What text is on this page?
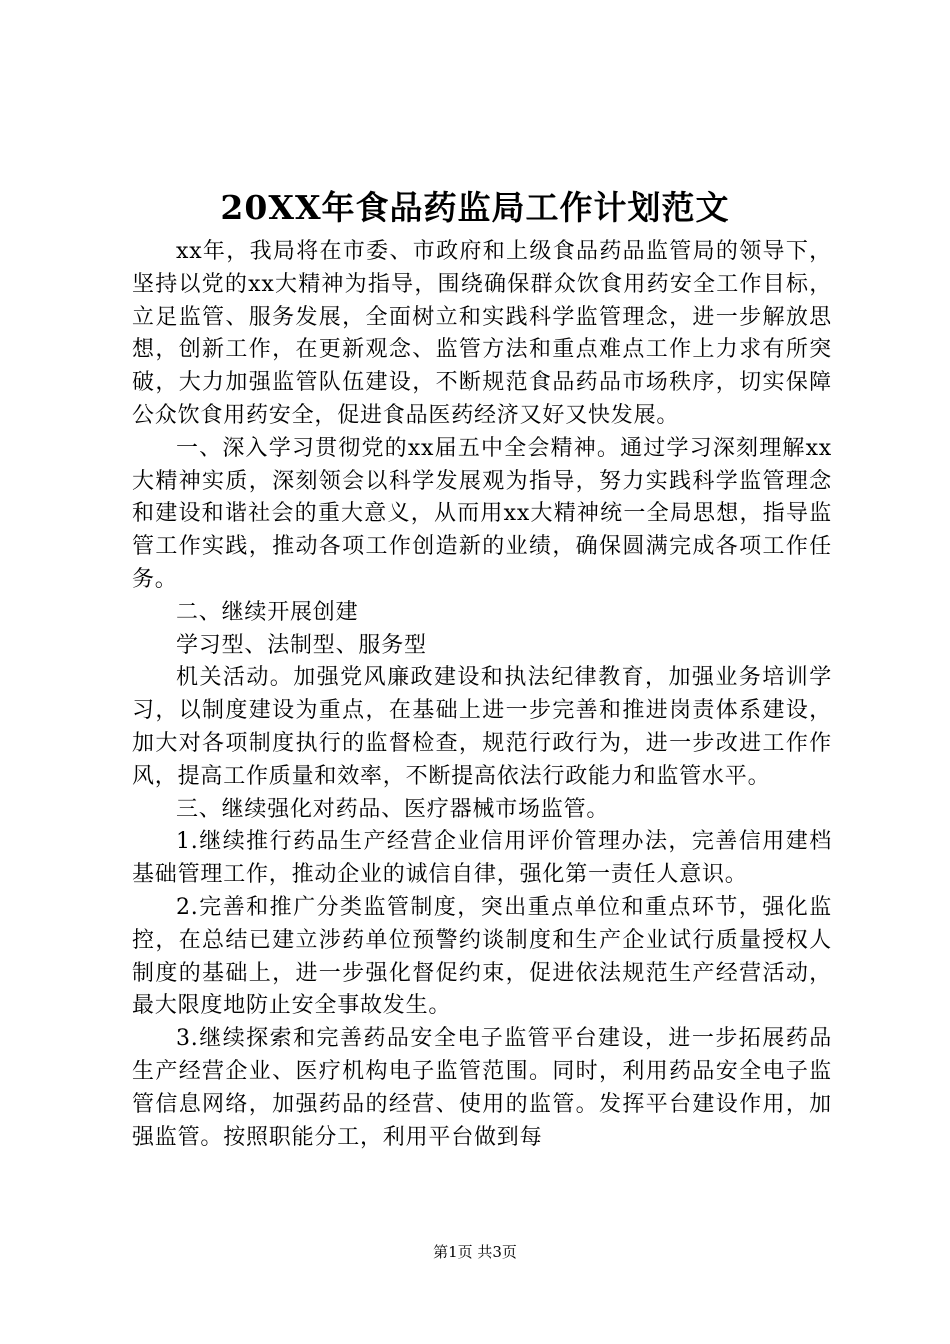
20XX年食品药监局工作计划范文

xx年，我局将在市委、市政府和上级食品药品监管局的领导下，坚持以党的xx大精神为指导，围绕确保群众饮食用药安全工作目标，立足监管、服务发展，全面树立和实践科学监管理念，进一步解放思想，创新工作，在更新观念、监管方法和重点难点工作上力求有所突破，大力加强监管队伍建设，不断规范食品药品市场秩序，切实保障公众饮食用药安全，促进食品医药经济又好又快发展。

一、深入学习贯彻党的xx届五中全会精神。通过学习深刻理解xx大精神实质，深刻领会以科学发展观为指导，努力实践科学监管理念和建设和谐社会的重大意义，从而用xx大精神统一全局思想，指导监管工作实践，推动各项工作创造新的业绩，确保圆满完成各项工作任务。

二、继续开展创建

学习型、法制型、服务型

机关活动。加强党风廉政建设和执法纪律教育，加强业务培训学习，以制度建设为重点，在基础上进一步完善和推进岗责体系建设，加大对各项制度执行的监督检查，规范行政行为，进一步改进工作作风，提高工作质量和效率，不断提高依法行政能力和监管水平。

三、继续强化对药品、医疗器械市场监管。

1.继续推行药品生产经营企业信用评价管理办法，完善信用建档基础管理工作，推动企业的诚信自律，强化第一责任人意识。

2.完善和推广分类监管制度，突出重点单位和重点环节，强化监控，在总结已建立涉药单位预警约谈制度和生产企业试行质量授权人制度的基础上，进一步强化督促约束，促进依法规范生产经营活动，最大限度地防止安全事故发生。

3.继续探索和完善药品安全电子监管平台建设，进一步拓展药品生产经营企业、医疗机构电子监管范围。同时，利用药品安全电子监管信息网络，加强药品的经营、使用的监管。发挥平台建设作用，加强监管。按照职能分工，利用平台做到每

第1页 共3页
